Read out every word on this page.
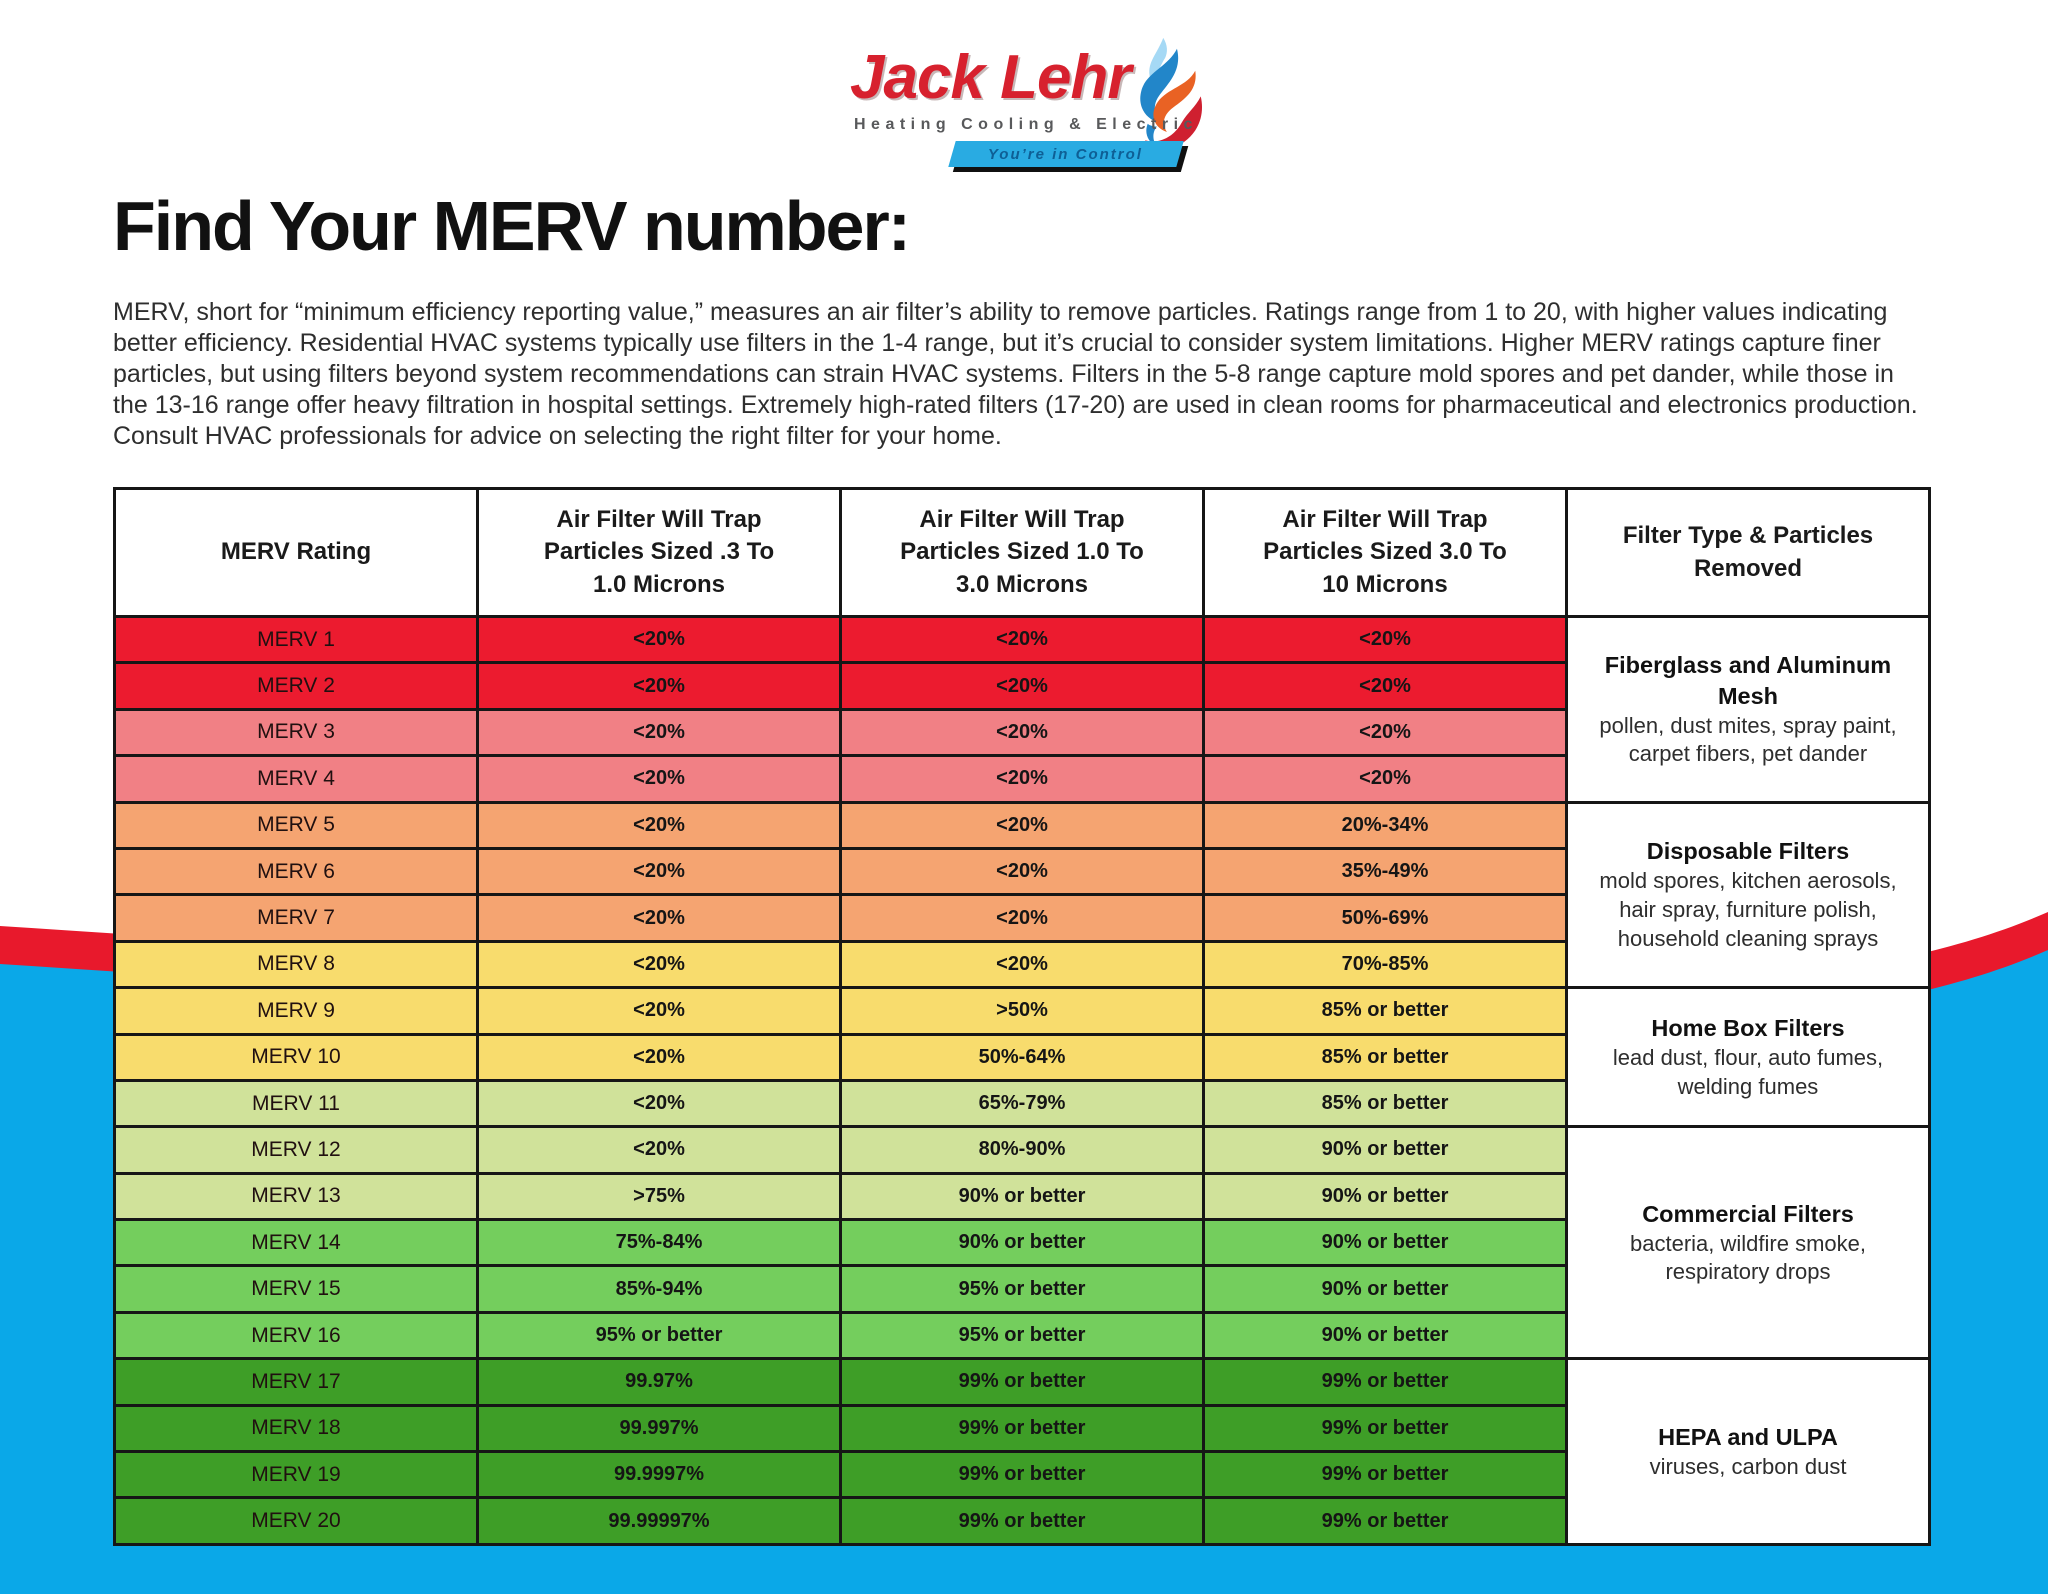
Jack Lehr
Heating Cooling & Electric
You’re in Control
Find Your MERV number:
MERV, short for “minimum efficiency reporting value,” measures an air filter’s ability to remove particles. Ratings range from 1 to 20, with higher values indicating better efficiency. Residential HVAC systems typically use filters in the 1-4 range, but it’s crucial to consider system limitations. Higher MERV ratings capture finer particles, but using filters beyond system recommendations can strain HVAC systems. Filters in the 5-8 range capture mold spores and pet dander, while those in the 13-16 range offer heavy filtration in hospital settings. Extremely high-rated filters (17-20) are used in clean rooms for pharmaceutical and electronics production. Consult HVAC professionals for advice on selecting the right filter for your home.
MERV Rating	Air Filter Will Trap Particles Sized .3 To 1.0 Microns	Air Filter Will Trap Particles Sized 1.0 To 3.0 Microns	Air Filter Will Trap Particles Sized 3.0 To 10 Microns	Filter Type & Particles Removed
MERV 1	<20%	<20%	<20%	Fiberglass and Aluminum Mesh
pollen, dust mites, spray paint, carpet fibers, pet dander

MERV 2	<20%	<20%	<20%	
MERV 3	<20%	<20%	<20%	
MERV 4	<20%	<20%	<20%	
MERV 5	<20%	<20%	20%-34%	Disposable Filters
mold spores, kitchen aerosols, hair spray, furniture polish, household cleaning sprays

MERV 6	<20%	<20%	35%-49%	
MERV 7	<20%	<20%	50%-69%	
MERV 8	<20%	<20%	70%-85%	
MERV 9	<20%	>50%	85% or better	Home Box Filters
lead dust, flour, auto fumes, welding fumes

MERV 10	<20%	50%-64%	85% or better	
MERV 11	<20%	65%-79%	85% or better	
MERV 12	<20%	80%-90%	90% or better	Commercial Filters
bacteria, wildfire smoke, respiratory drops

MERV 13	>75%	90% or better	90% or better	
MERV 14	75%-84%	90% or better	90% or better	
MERV 15	85%-94%	95% or better	90% or better	
MERV 16	95% or better	95% or better	90% or better	
MERV 17	99.97%	99% or better	99% or better	HEPA and ULPA
viruses, carbon dust

MERV 18	99.997%	99% or better	99% or better	
MERV 19	99.9997%	99% or better	99% or better	
MERV 20	99.99997%	99% or better	99% or better	
